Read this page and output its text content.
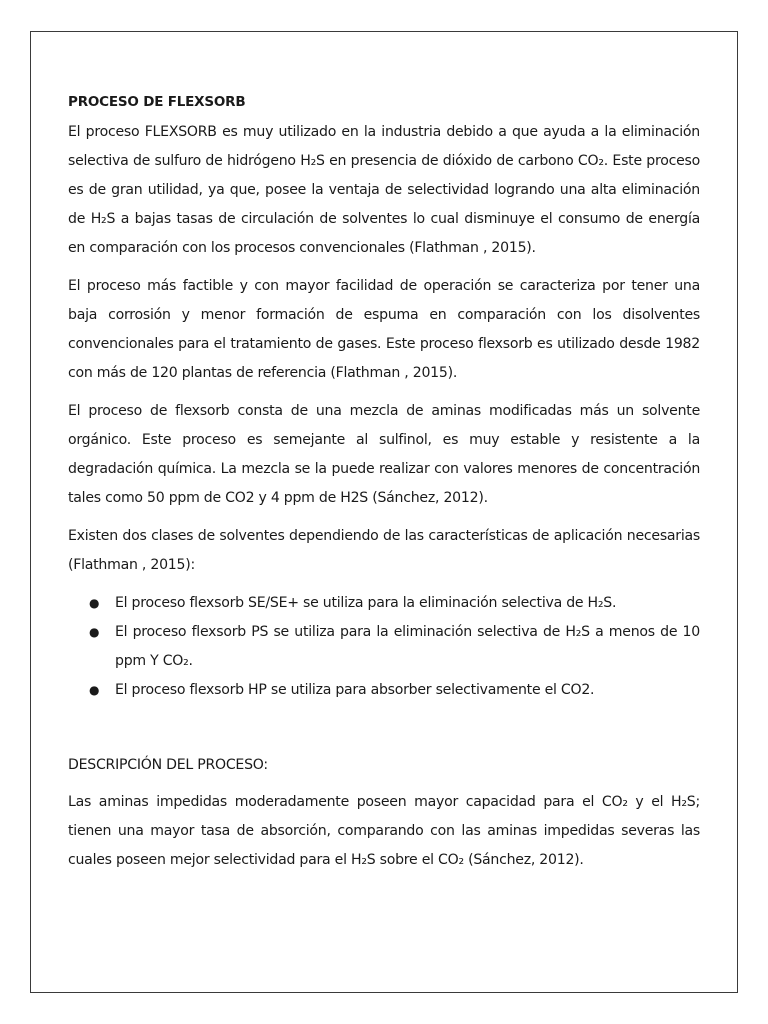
PROCESO DE FLEXSORB

El proceso FLEXSORB es muy utilizado en la industria debido a que ayuda a la eliminación selectiva de sulfuro de hidrógeno H₂S en presencia de dióxido de carbono CO₂. Este proceso es de gran utilidad, ya que, posee la ventaja de selectividad logrando una alta eliminación de H₂S a bajas tasas de circulación de solventes lo cual disminuye el consumo de energía en comparación con los procesos convencionales (Flathman , 2015).

El proceso más factible y con mayor facilidad de operación se caracteriza por tener una baja corrosión y menor formación de espuma en comparación con los disolventes convencionales para el tratamiento de gases. Este proceso flexsorb es utilizado desde 1982 con más de 120 plantas de referencia (Flathman , 2015).

El proceso de flexsorb consta de una mezcla de aminas modificadas más un solvente orgánico. Este proceso es semejante al sulfinol, es muy estable y resistente a la degradación química. La mezcla se la puede realizar con valores menores de concentración tales como 50 ppm de CO2 y 4 ppm de H2S (Sánchez, 2012).

Existen dos clases de solventes dependiendo de las características de aplicación necesarias (Flathman , 2015):

● El proceso flexsorb SE/SE+ se utiliza para la eliminación selectiva de H₂S.
● El proceso flexsorb PS se utiliza para la eliminación selectiva de H₂S a menos de 10 ppm Y CO₂.
● El proceso flexsorb HP se utiliza para absorber selectivamente el CO2.
DESCRIPCIÓN DEL PROCESO:

Las aminas impedidas moderadamente poseen mayor capacidad para el CO₂ y el H₂S; tienen una mayor tasa de absorción, comparando con las aminas impedidas severas las cuales poseen mejor selectividad para el H₂S sobre el CO₂ (Sánchez, 2012).
